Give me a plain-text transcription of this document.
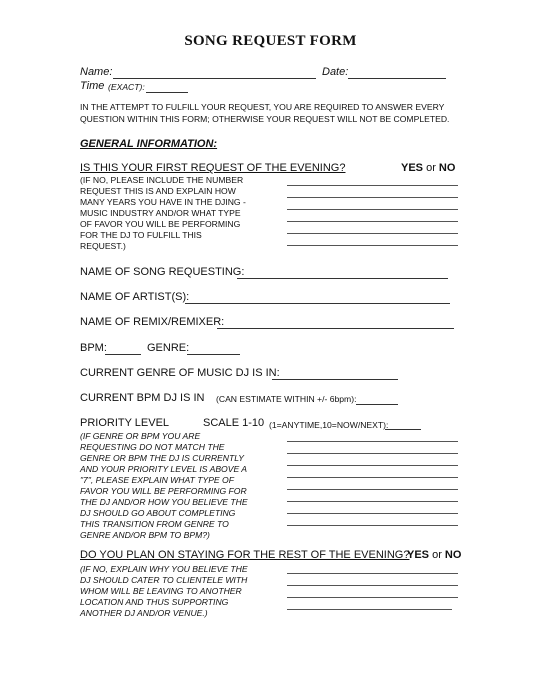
SONG REQUEST FORM
Name:	Date:
Time (EXACT):
IN THE ATTEMPT TO FULFILL YOUR REQUEST, YOU ARE REQUIRED TO ANSWER EVERY
QUESTION WITHIN THIS FORM; OTHERWISE YOUR REQUEST WILL NOT BE COMPLETED.
GENERAL INFORMATION:
IS THIS YOUR FIRST REQUEST OF THE EVENING?	YES or NO
(IF NO, PLEASE INCLUDE THE NUMBER
REQUEST THIS IS AND EXPLAIN HOW
MANY YEARS YOU HAVE IN THE DJING -
MUSIC INDUSTRY AND/OR WHAT TYPE
OF FAVOR YOU WILL BE PERFORMING
FOR THE DJ TO FULFILL THIS
REQUEST.)
NAME OF SONG REQUESTING:
NAME OF ARTIST(S):
NAME OF REMIX/REMIXER:
BPM:	GENRE:
CURRENT GENRE OF MUSIC DJ IS IN:
CURRENT BPM DJ IS IN (CAN ESTIMATE WITHIN +/- 6bpm):
PRIORITY LEVEL	SCALE 1-10 (1=ANYTIME,10=NOW/NEXT):
(IF GENRE OR BPM YOU ARE
REQUESTING DO NOT MATCH THE
GENRE OR BPM THE DJ IS CURRENTLY
AND YOUR PRIORITY LEVEL IS ABOVE A
"7", PLEASE EXPLAIN WHAT TYPE OF
FAVOR YOU WILL BE PERFORMING FOR
THE DJ AND/OR HOW YOU BELIEVE THE
DJ SHOULD GO ABOUT COMPLETING
THIS TRANSITION FROM GENRE TO
GENRE AND/OR BPM TO BPM?)
DO YOU PLAN ON STAYING FOR THE REST OF THE EVENING?
YES or NO
(IF NO, EXPLAIN WHY YOU BELIEVE THE
DJ SHOULD CATER TO CLIENTELE WITH
WHOM WILL BE LEAVING TO ANOTHER
LOCATION AND THUS SUPPORTING
ANOTHER DJ AND/OR VENUE.)
